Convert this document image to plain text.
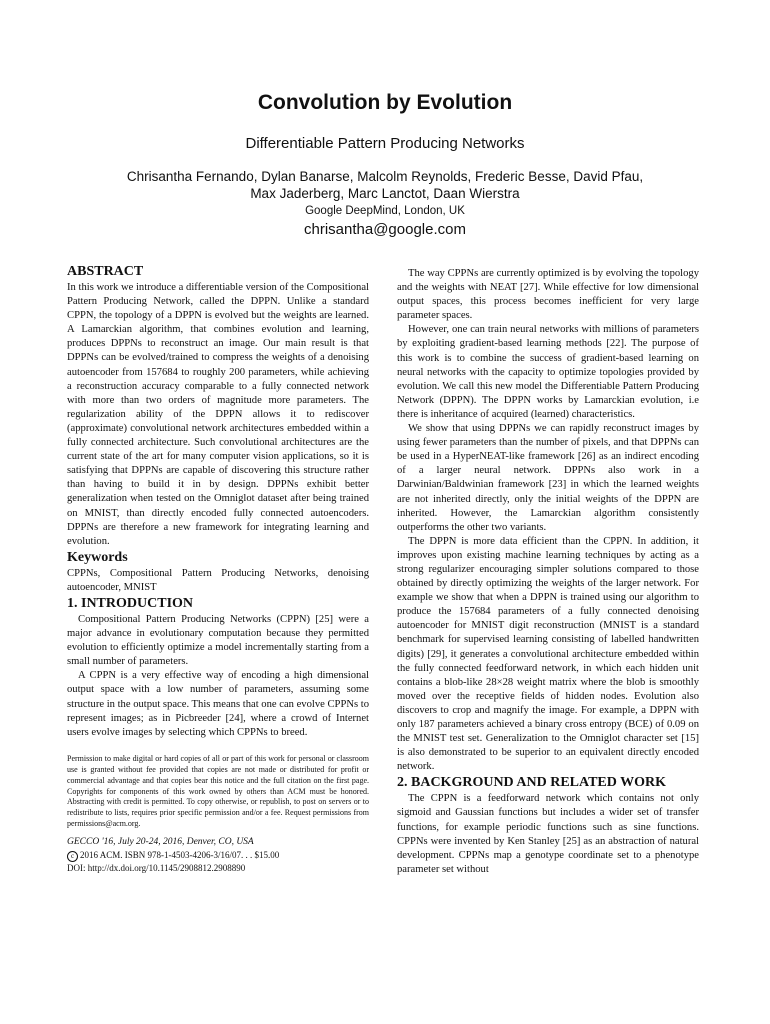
Convolution by Evolution
Differentiable Pattern Producing Networks
Chrisantha Fernando, Dylan Banarse, Malcolm Reynolds, Frederic Besse, David Pfau,
Max Jaderberg, Marc Lanctot, Daan Wierstra
Google DeepMind, London, UK
chrisantha@google.com
ABSTRACT

In this work we introduce a differentiable version of the Compositional Pattern Producing Network, called the DPPN. Unlike a standard CPPN, the topology of a DPPN is evolved but the weights are learned. A Lamarckian algorithm, that combines evolution and learning, produces DPPNs to reconstruct an image. Our main result is that DPPNs can be evolved/trained to compress the weights of a denoising autoencoder from 157684 to roughly 200 parameters, while achieving a reconstruction accuracy comparable to a fully connected network with more than two orders of magnitude more parameters. The regularization ability of the DPPN allows it to rediscover (approximate) convolutional network architectures embedded within a fully connected architecture. Such convolutional architectures are the current state of the art for many computer vision applications, so it is satisfying that DPPNs are capable of discovering this structure rather than having to build it in by design. DPPNs exhibit better generalization when tested on the Omniglot dataset after being trained on MNIST, than directly encoded fully connected autoencoders. DPPNs are therefore a new framework for integrating learning and evolution.

Keywords

CPPNs, Compositional Pattern Producing Networks, denoising autoencoder, MNIST

1. INTRODUCTION

Compositional Pattern Producing Networks (CPPN) [25] were a major advance in evolutionary computation because they permitted evolution to efficiently optimize a model incrementally starting from a small number of parameters.

A CPPN is a very effective way of encoding a high dimensional output space with a low number of parameters, assuming some structure in the output space. This means that one can evolve CPPNs to represent images; as in Picbreeder [24], where a crowd of Internet users evolve images by selecting which CPPNs to breed.

Permission to make digital or hard copies of all or part of this work for personal or classroom use is granted without fee provided that copies are not made or distributed for profit or commercial advantage and that copies bear this notice and the full citation on the first page. Copyrights for components of this work owned by others than ACM must be honored. Abstracting with credit is permitted. To copy otherwise, or republish, to post on servers or to redistribute to lists, requires prior specific permission and/or a fee. Request permissions from permissions@acm.org.
GECCO '16, July 20-24, 2016, Denver, CO, USA
c 2016 ACM. ISBN 978-1-4503-4206-3/16/07. . . $15.00
DOI: http://dx.doi.org/10.1145/2908812.2908890

The way CPPNs are currently optimized is by evolving the topology and the weights with NEAT [27]. While effective for low dimensional output spaces, this process becomes inefficient for very large parameter spaces.

However, one can train neural networks with millions of parameters by exploiting gradient-based learning methods [22]. The purpose of this work is to combine the success of gradient-based learning on neural networks with the capacity to optimize topologies provided by evolution. We call this new model the Differentiable Pattern Producing Network (DPPN). The DPPN works by Lamarckian evolution, i.e there is inheritance of acquired (learned) characteristics.

We show that using DPPNs we can rapidly reconstruct images by using fewer parameters than the number of pixels, and that DPPNs can be used in a HyperNEAT-like framework [26] as an indirect encoding of a larger neural network. DPPNs also work in a Darwinian/Baldwinian framework [23] in which the learned weights are not inherited directly, only the initial weights of the DPPN are inherited. However, the Lamarckian algorithm consistently outperforms the other two variants.

The DPPN is more data efficient than the CPPN. In addition, it improves upon existing machine learning techniques by acting as a strong regularizer encouraging simpler solutions compared to those obtained by directly optimizing the weights of the larger network. For example we show that when a DPPN is trained using our algorithm to produce the 157684 parameters of a fully connected denoising autoencoder for MNIST digit reconstruction (MNIST is a standard benchmark for supervised learning consisting of labelled handwritten digits) [29], it generates a convolutional architecture embedded within the fully connected feedforward network, in which each hidden unit contains a blob-like 28×28 weight matrix where the blob is smoothly moved over the receptive fields of hidden nodes. Evolution also discovers to crop and magnify the image. For example, a DPPN with only 187 parameters achieved a binary cross entropy (BCE) of 0.09 on the MNIST test set. Generalization to the Omniglot character set [15] is also demonstrated to be superior to an equivalent directly encoded network.

2. BACKGROUND AND RELATED WORK

The CPPN is a feedforward network which contains not only sigmoid and Gaussian functions but includes a wider set of transfer functions, for example periodic functions such as sine functions. CPPNs were invented by Ken Stanley [25] as an abstraction of natural development. CPPNs map a genotype coordinate set to a phenotype parameter set without
